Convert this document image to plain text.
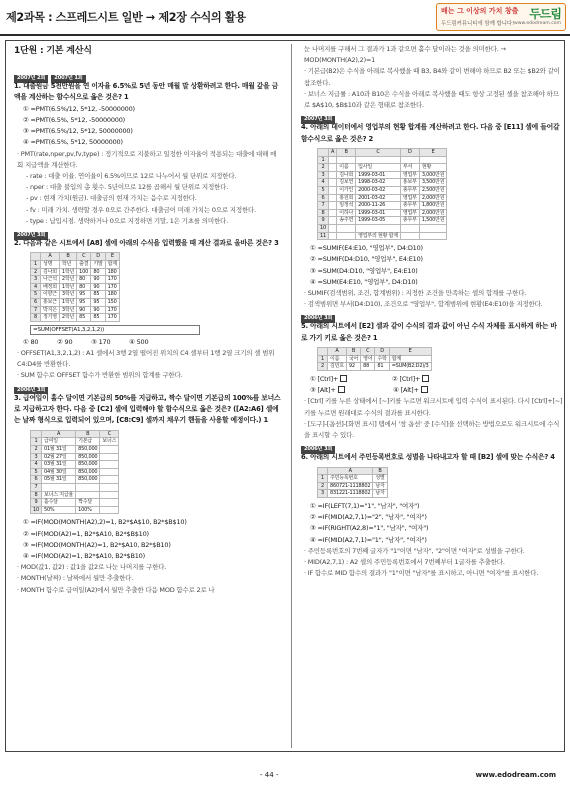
제2과목 : 스프레드시트 일반 → 제2장 수식의 활용	배는 그 이상의 가치 창출
두드림커뮤니티에 함께 합니다!
두드림
www.edodream.com
1단원 : 기본 계산식
2007년 2회 2007년 1회

1. 대출원금 5천만원을 연 이자율 6.5%로 5년 동안 매월 말 상환하려고 한다. 매월 갚을 금액을 계산하는 함수식으로 옳은 것은? 1

① =PMT(6.5%/12, 5*12, -50000000)

② =PMT(6.5%, 5*12, -50000000)

③ =PMT(6.5%/12, 5*12, 50000000)

④ =PMT(6.5%, 5*12, 50000000)

· PMT(rate,nper,pv,fv,type) : 정기적으로 지불하고 일정한 이자율이 적용되는 대출에 대해 매회 지급액을 계산한다.

- rate : 대출 이율. 연이율이 6.5%이므로 12로 나누어서 월 단위로 지정한다.

- nper : 대출 불입의 총 횟수. 5년이므로 12를 곱해서 월 단위로 지정한다.

- pv : 현재 가치(원금). 대출금의 현재 가치는 음수로 지정한다.

- fv : 미래 가치. 생략할 경우 0으로 간주한다. 대출금이 미래 가치는 0으로 지정한다.

- type : 납입시점. 생략하거나 0으로 지정하면 기말, 1은 기초를 의미한다.

2007년 3회

2. 다음과 같은 시트에서 [A8] 셀에 아래의 수식을 입력했을 때 계산 결과로 올바른 것은? 3

	A	B	C	D	E
1	성명	학년	출결	기말	합계
2	김나희	1학년	100	80	180
3	나근석	2학년	80	90	170
4	배정희	1학년	80	90	170
5	이향근	3학년	95	85	180
6	홍보근	1학년	95	95	150
7	박지은	3학년	90	90	170
8	정기영	2학년	85	85	170
=SUM(OFFSET(A1,3,2,1,2))

① 80	② 90	③ 170	④ 500

· OFFSET(A1,3,2,1,2) : A1 셀에서 3행 2열 떨어진 위치의 C4 셀부터 1행 2열 크기의 셀 범위 C4:D4를 반환한다.

· SUM 함수로 OFFSET 함수가 반환한 범위의 합계를 구한다.

2006년 3회

3. 급여일이 홀수 달이면 기본급의 50%를 지급하고, 짝수 달이면 기본급의 100%를 보너스로 지급하고자 한다. 다음 중 [C2] 셀에 입력해야 할 함수식으로 옳은 것은? ([A2:A6] 셀에는 날짜 형식으로 입력되어 있으며, [C8:C9] 셀까지 채우기 핸들을 사용할 예정이다.) 1

	A	B	C
1	급여일	기본급	보너스
2	01월 31일	850,000	
3	02월 27일	850,000	
4	03월 31일	850,000	
5	04월 30일	850,000	
6	05월 31일	850,000	
7			
8	보너스 지급율		
9	홀수달	짝수달	
10	50%	100%	

① =IF(MOD(MONTH(A2),2)=1, B2*$A$10, B2*$B$10)

② =IF(MOD(A2)=1, B2*$A10, B2*$B$10)

③ =IF(MOD(MONTH(A2)=1, B2*$A10, B2*$B10)

④ =IF(MOD(A2)=1, B2*$A10, B2*$B10)

· MOD(값1, 값2) : 값1을 값2로 나눈 나머지를 구한다.

· MONTH(날짜) : 날짜에서 월만 추출한다.

· MONTH 함수로 급여일(A2)에서 월만 추출한 다음 MOD 함수로 2로 나

눈 나머지를 구해서 그 결과가 1과 같으면 홀수 달이라는 것을 의미한다. → MOD(MONTH(A2),2)=1

· 기본급(B2)은 수식을 아래로 복사했을 때 B3, B4와 같이 변해야 하므로 B2 또는 $B2와 같이 참조한다.

· 보너스 지급률 : A10과 B10은 수식을 아래로 복사했을 때도 항상 고정된 셀을 참조해야 하므로 $A$10, $B$10과 같은 형태로 참조한다.

2007년 3회

4. 아래의 데이터에서 영업부의 현황 합계를 계산하려고 한다. 다음 중 [E11] 셀에 들어갈 함수식으로 옳은 것은? 2

	A	B	C	D	E
1					
2		이름	입사일	부서	현황
3		김나희	1999-03-01	영업부	3,000만원
4		김보연	1998-03-02	홍보부	3,500만원
5		이가인	2000-03-02	총무부	2,500만원
6		홍원희	2001-03-02	영업부	2,000만원
7		임정석	2000-11-26	총무부	1,800만원
8		이하나	1999-03-01	영업부	2,000만원
9		송주연	1999-03-05	총무부	1,500만원
10					
11			영업부의 현황 합계		

① =SUMIF(E4:E10, "영업부", D4:D10)

② =SUMIF(D4:D10, "영업부", E4:E10)

③ =SUM(D4:D10, "영업부", E4:E10)

④ =SUM(E4:E10, "영업부", D4:D10)

· SUMIF(검색범위, 조건, 합계범위) : 지정한 조건을 만족하는 셀의 합계를 구한다.

· 검색범위면 부서(D4:D10), 조건으로 "영업부", 합계범위에 현황(E4:E10)을 지정한다.

2006년 3회

5. 아래의 시트에서 [E2] 셀과 같이 수식의 결과 값이 아닌 수식 자체를 표시하게 하는 바로 가기 키로 옳은 것은? 1

	A	B	C	D	E
1	이름	국어	영어	수학	합계
2	김민호	92	88	81	=SUM(B2:D2)/3

① [Ctrl]+	② [Ctrl]+

③ [Alt]+	④ [Alt]+

· [Ctrl] 키를 누른 상태에서 [~]키를 누르면 워크시트에 입력 수식이 표시된다. 다시 [Ctrl]+[~] 키를 누르면 원래대로 수식의 결과를 표시한다.

· [도구]-[옵션]-[화면 표시] 탭에서 '창 옵션' 중 [수식]을 선택하는 방법으로도 워크시트에 수식을 표시할 수 있다.

2006년 3회

6. 아래의 시트에서 주민등록번호로 성별을 나타내고자 할 때 [B2] 셀에 맞는 수식은? 4

	A	B
1	주민등록번호	성별
2	860721-1118802	남자
3	831221-1118802	남자

① =IF(LEFT(7,1)="1", "남자", "여자")

② =IF(MID(A2,7,1)="2", "남자", "여자")

③ =IF(RIGHT(A2,8)="1", "남자", "여자")

④ =IF(MID(A2,7,1)="1", "남자", "여자")

· 주민등록번호의 7번째 글자가 "1"이면 "남자", "2"이면 "여자"로 성별을 구한다.

· MID(A2,7,1) : A2 셀의 주민등록번호에서 7번째부터 1글자를 추출한다.

· IF 함수로 MID 함수의 결과가 "1"이면 "남자"를 표시하고, 아니면 "여자"를 표시한다.

- 44 -	www.edodream.com
